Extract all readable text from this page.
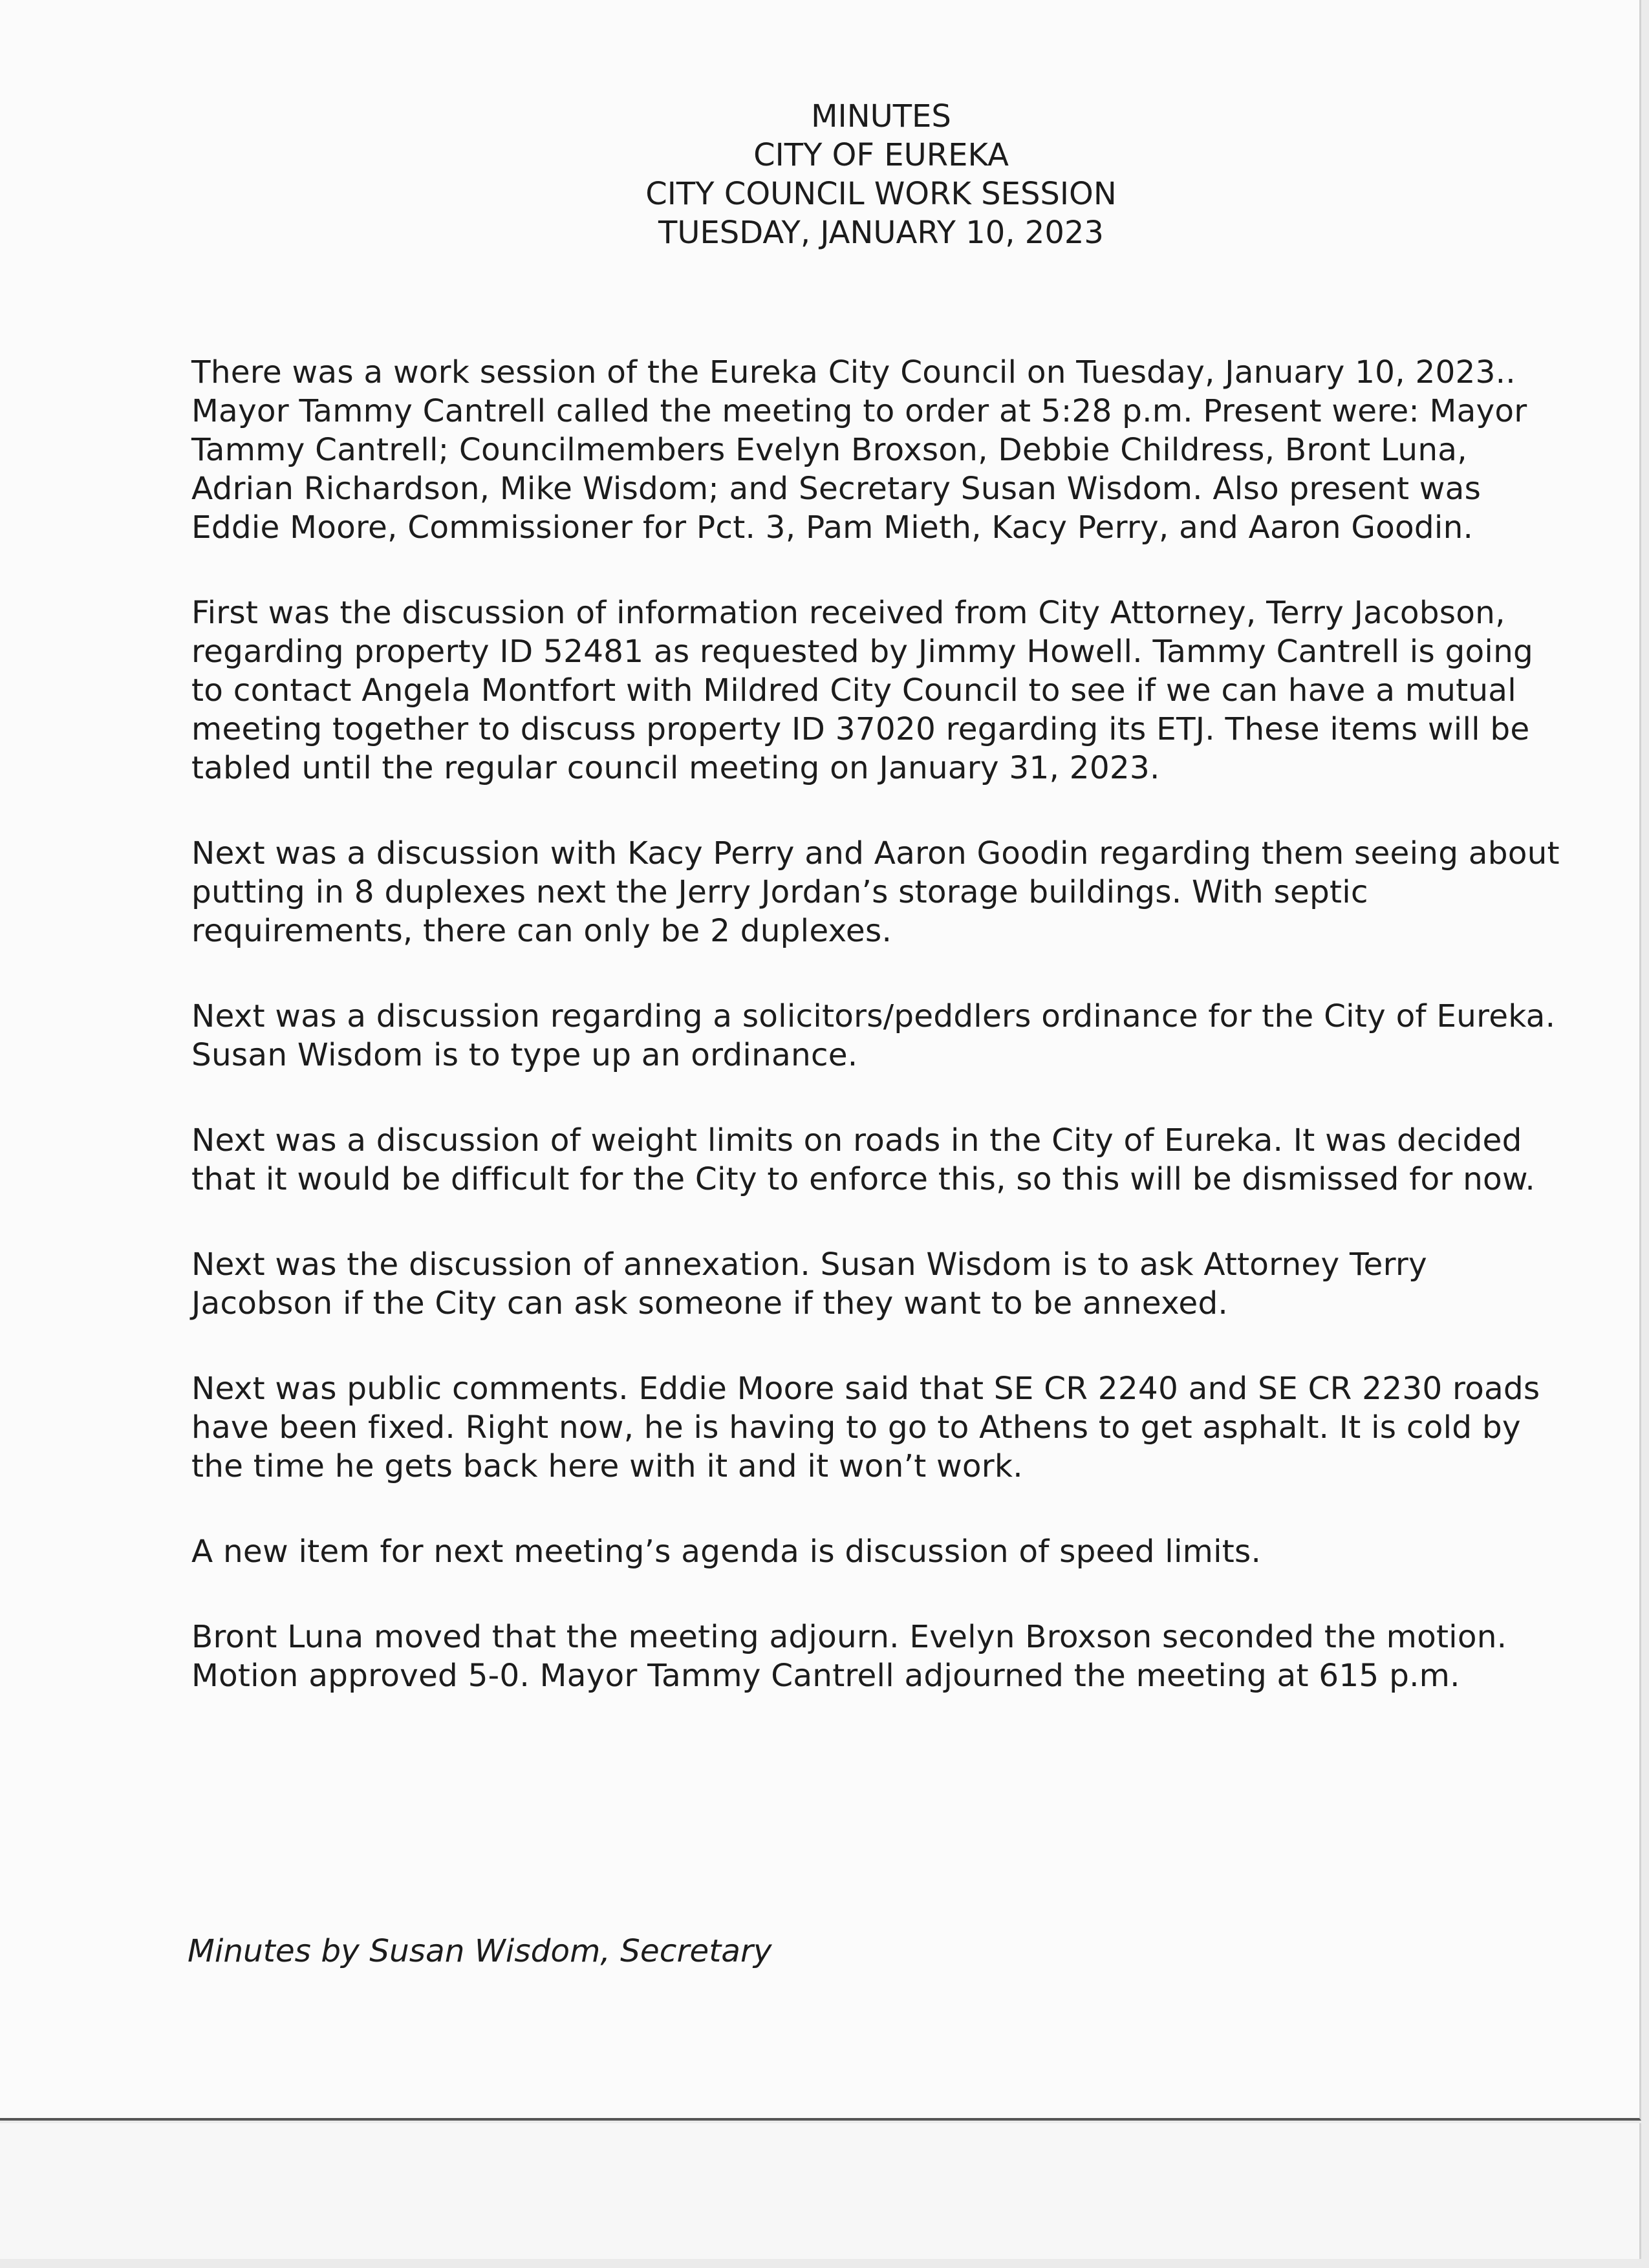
MINUTES
CITY OF EUREKA
CITY COUNCIL WORK SESSION
TUESDAY, JANUARY 10, 2023

There was a work session of the Eureka City Council on Tuesday, January 10, 2023.. Mayor Tammy Cantrell called the meeting to order at 5:28 p.m. Present were: Mayor Tammy Cantrell; Councilmembers Evelyn Broxson, Debbie Childress, Bront Luna, Adrian Richardson, Mike Wisdom; and Secretary Susan Wisdom. Also present was Eddie Moore, Commissioner for Pct. 3, Pam Mieth, Kacy Perry, and Aaron Goodin.

First was the discussion of information received from City Attorney, Terry Jacobson, regarding property ID 52481 as requested by Jimmy Howell. Tammy Cantrell is going to contact Angela Montfort with Mildred City Council to see if we can have a mutual meeting together to discuss property ID 37020 regarding its ETJ. These items will be tabled until the regular council meeting on January 31, 2023.

Next was a discussion with Kacy Perry and Aaron Goodin regarding them seeing about putting in 8 duplexes next the Jerry Jordan’s storage buildings. With septic requirements, there can only be 2 duplexes.

Next was a discussion regarding a solicitors/peddlers ordinance for the City of Eureka. Susan Wisdom is to type up an ordinance.

Next was a discussion of weight limits on roads in the City of Eureka. It was decided that it would be difficult for the City to enforce this, so this will be dismissed for now.

Next was the discussion of annexation. Susan Wisdom is to ask Attorney Terry Jacobson if the City can ask someone if they want to be annexed.

Next was public comments. Eddie Moore said that SE CR 2240 and SE CR 2230 roads have been fixed. Right now, he is having to go to Athens to get asphalt. It is cold by the time he gets back here with it and it won’t work.

A new item for next meeting’s agenda is discussion of speed limits.

Bront Luna moved that the meeting adjourn. Evelyn Broxson seconded the motion. Motion approved 5-0. Mayor Tammy Cantrell adjourned the meeting at 615 p.m.

Minutes by Susan Wisdom, Secretary
